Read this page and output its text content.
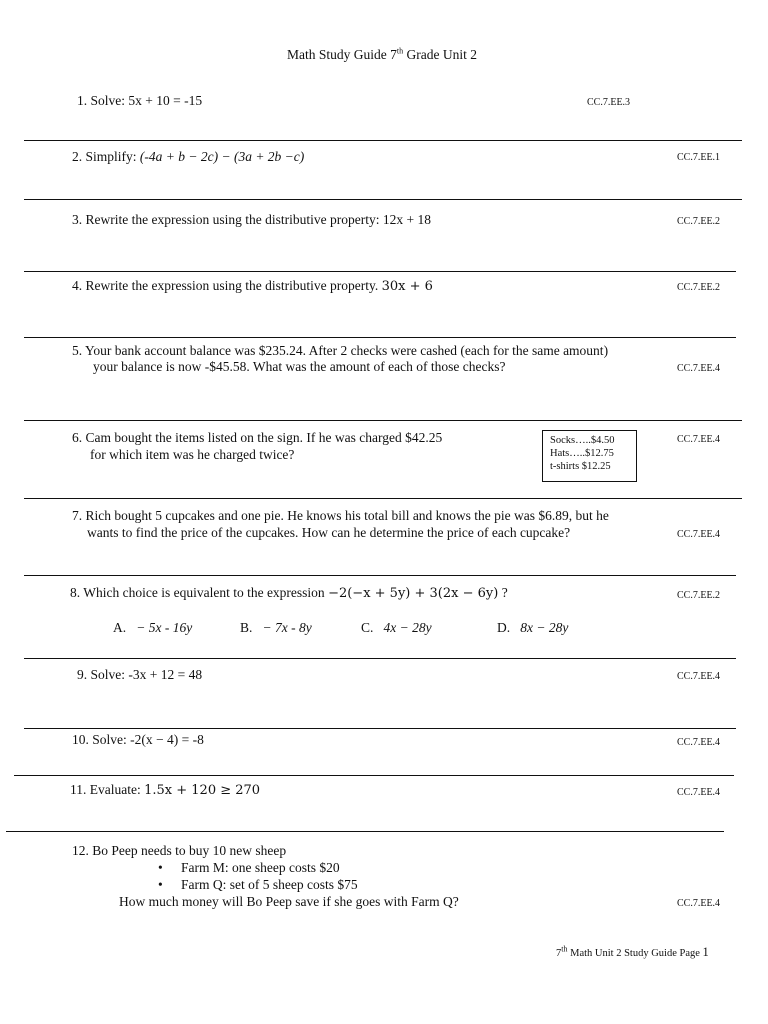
Math Study Guide 7th Grade Unit 2
1. Solve: 5x + 10 = -15	CC.7.EE.3
2. Simplify: (-4a + b − 2c) − (3a + 2b −c)	CC.7.EE.1
3. Rewrite the expression using the distributive property: 12x + 18	CC.7.EE.2
4. Rewrite the expression using the distributive property. 30x + 6	CC.7.EE.2
5. Your bank account balance was $235.24. After 2 checks were cashed (each for the same amount)
your balance is now -$45.58. What was the amount of each of those checks?	CC.7.EE.4
6. Cam bought the items listed on the sign. If he was charged $42.25
for which item was he charged twice?
Socks…..$4.50
Hats…..$12.75
t-shirts $12.25
CC.7.EE.4
7. Rich bought 5 cupcakes and one pie. He knows his total bill and knows the pie was $6.89, but he
wants to find the price of the cupcakes. How can he determine the price of each cupcake?	CC.7.EE.4
8. Which choice is equivalent to the expression −2(−x + 5y) + 3(2x − 6y) ?	CC.7.EE.2
A. − 5x - 16y	B. − 7x - 8y	C. 4x − 28y	D. 8x − 28y
9. Solve: -3x + 12 = 48	CC.7.EE.4
10. Solve: -2(x − 4) = -8	CC.7.EE.4
11. Evaluate: 1.5x + 120 ≥ 270	CC.7.EE.4
12. Bo Peep needs to buy 10 new sheep
• Farm M: one sheep costs $20
• Farm Q: set of 5 sheep costs $75
How much money will Bo Peep save if she goes with Farm Q?	CC.7.EE.4
7th Math Unit 2 Study Guide Page 1
